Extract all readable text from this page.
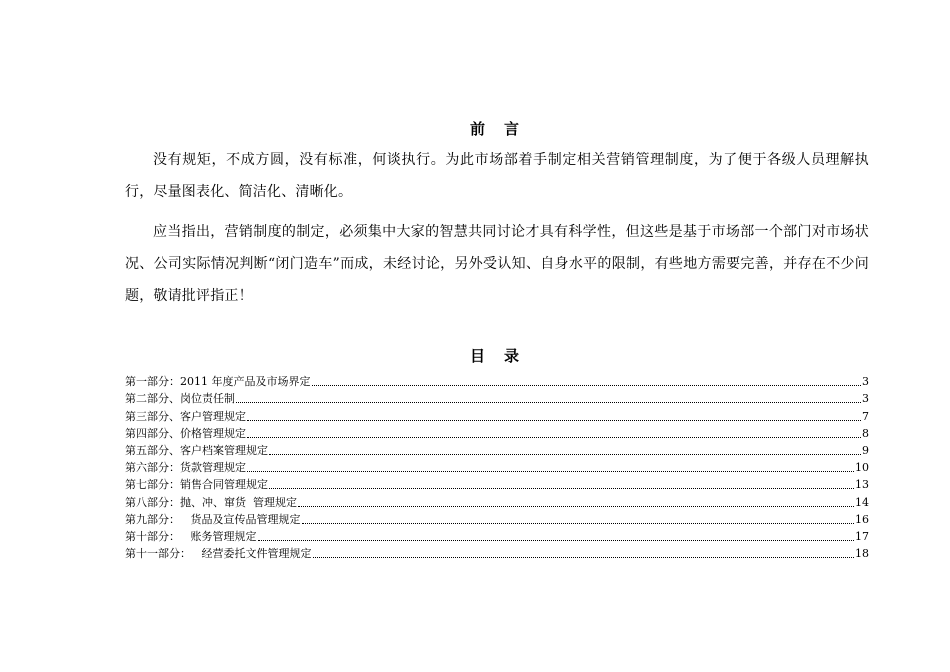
前 言

没有规矩，不成方圆，没有标准，何谈执行。为此市场部着手制定相关营销管理制度，为了便于各级人员理解执行，尽量图表化、简洁化、清晰化。

应当指出，营销制度的制定，必须集中大家的智慧共同讨论才具有科学性，但这些是基于市场部一个部门对市场状况、公司实际情况判断“闭门造车”而成，未经讨论，另外受认知、自身水平的限制，有些地方需要完善，并存在不少问题，敬请批评指正！

目 录
第一部分：2011 年度产品及市场界定	3
第二部分、岗位责任制	3
第三部分、客户管理规定	7
第四部分、价格管理规定	8
第五部分、客户档案管理规定	9
第六部分：货款管理规定	10
第七部分：销售合同管理规定	13
第八部分：抛、冲、窜货  管理规定	14
第九部分：   货品及宣传品管理规定	16
第十部分：   账务管理规定	17
第十一部分：   经营委托文件管理规定	18
